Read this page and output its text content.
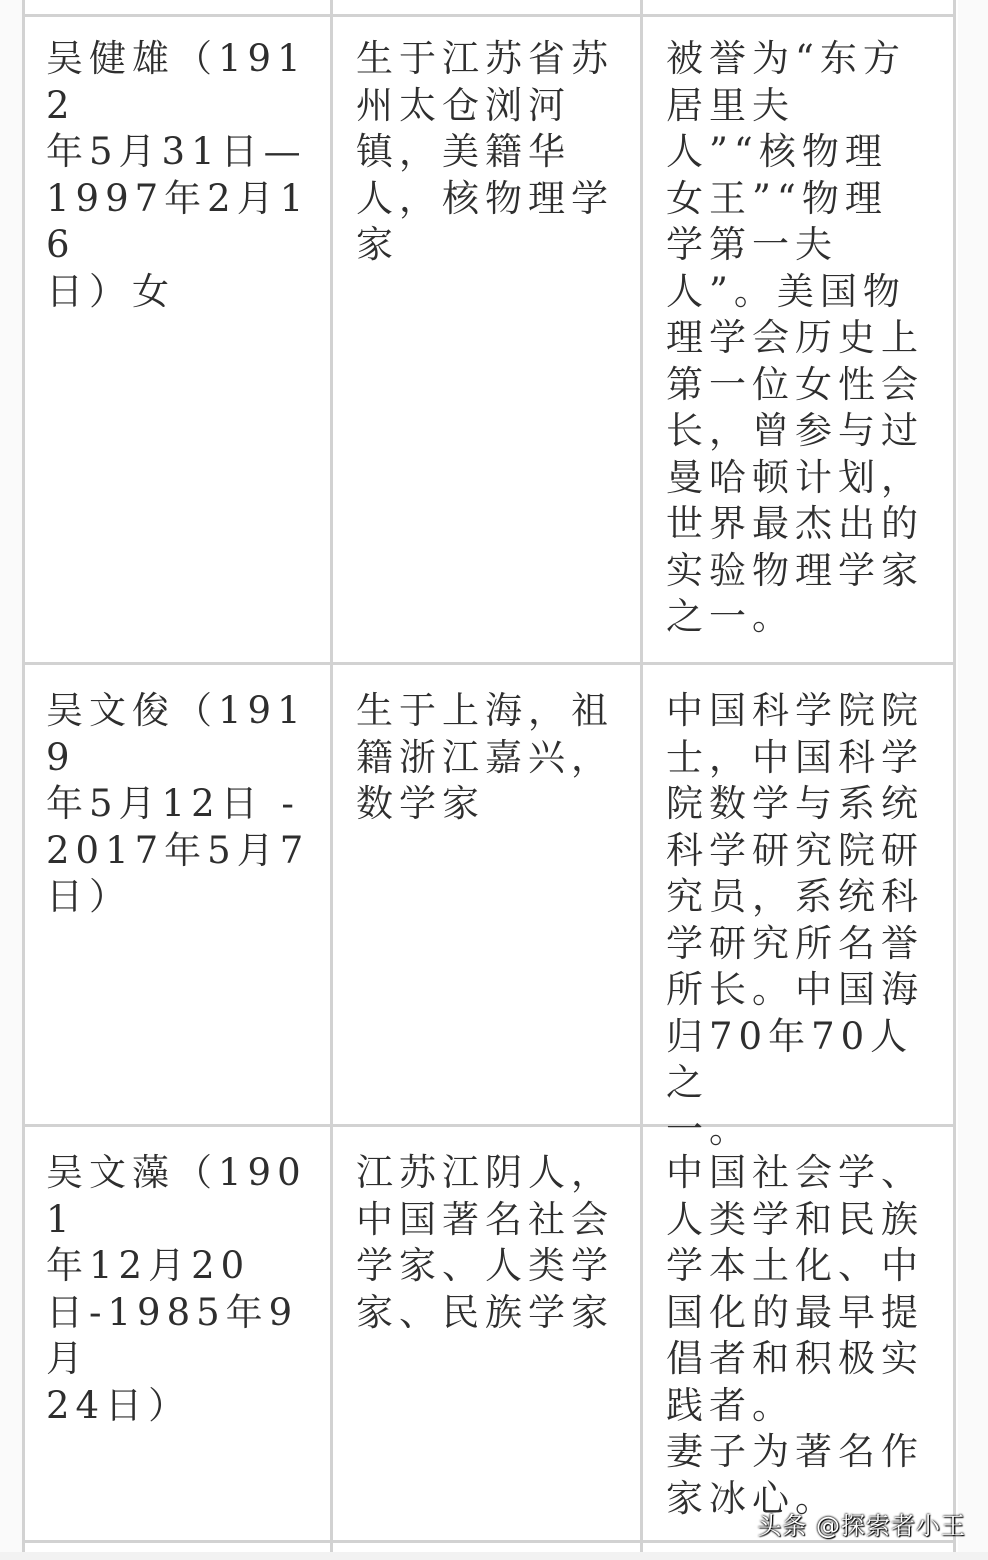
吴健雄（1912
年5月31日—
1997年2月16
日）女
生于江苏省苏
州太仓浏河
镇，美籍华
人，核物理学
家
被誉为“东方
居里夫
人”“核物理
女王”“物理
学第一夫
人”。美国物
理学会历史上
第一位女性会
长，曾参与过
曼哈顿计划，
世界最杰出的
实验物理学家
之一。
吴文俊（1919
年5月12日 -
2017年5月7
日）
生于上海，祖
籍浙江嘉兴，
数学家
中国科学院院
士，中国科学
院数学与系统
科学研究院研
究员，系统科
学研究所名誉
所长。中国海
归70年70人之
一。
吴文藻（1901
年12月20
日-1985年9月
24日）
江苏江阴人，
中国著名社会
学家、人类学
家、民族学家
中国社会学、
人类学和民族
学本土化、中
国化的最早提
倡者和积极实
践者。
妻子为著名作
家冰心。
头条 @探索者小王
